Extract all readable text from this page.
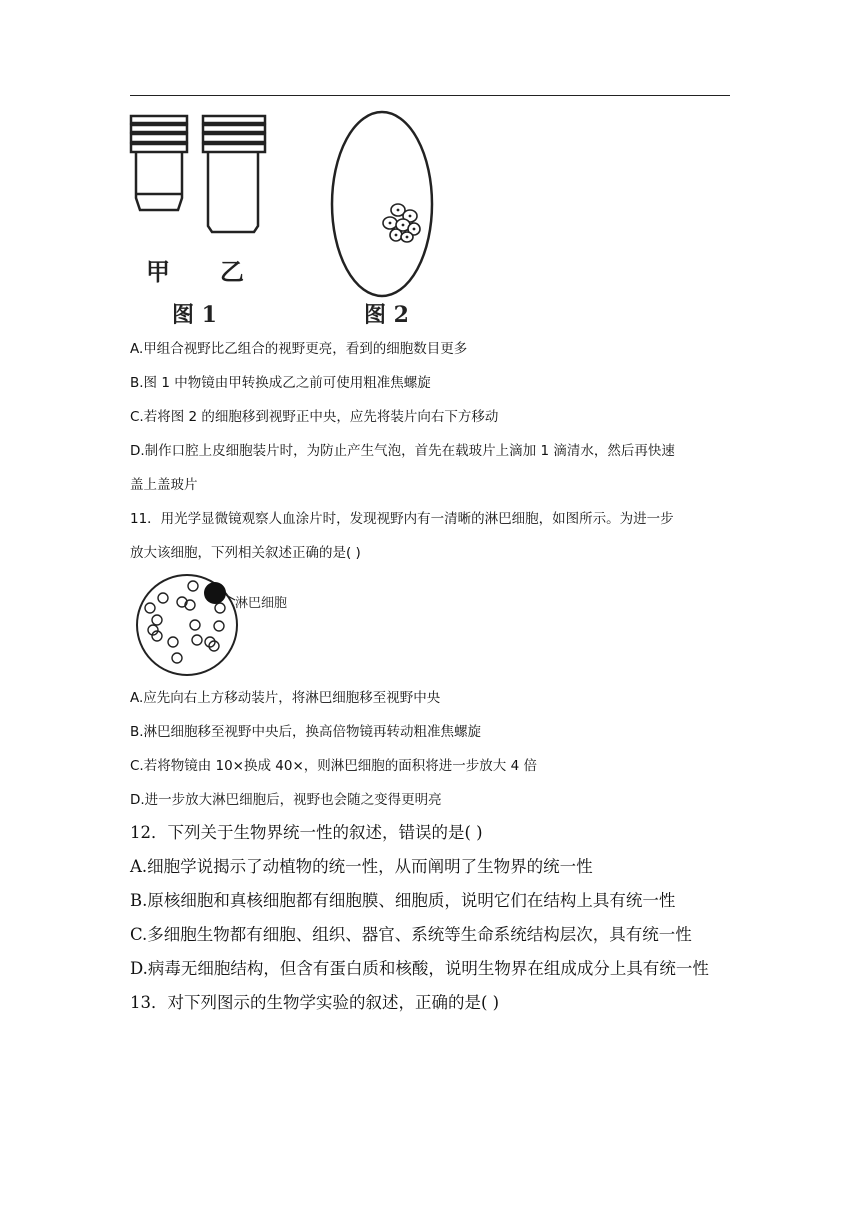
甲 乙
图 1	图 2
A.甲组合视野比乙组合的视野更亮，看到的细胞数目更多
B.图 1 中物镜由甲转换成乙之前可使用粗准焦螺旋
C.若将图 2 的细胞移到视野正中央，应先将装片向右下方移动
D.制作口腔上皮细胞装片时，为防止产生气泡，首先在载玻片上滴加 1 滴清水，然后再快速
盖上盖玻片
11．用光学显微镜观察人血涂片时，发现视野内有一清晰的淋巴细胞，如图所示。为进一步
放大该细胞，下列相关叙述正确的是( )
淋巴细胞
A.应先向右上方移动装片，将淋巴细胞移至视野中央
B.淋巴细胞移至视野中央后，换高倍物镜再转动粗准焦螺旋
C.若将物镜由 10×换成 40×，则淋巴细胞的面积将进一步放大 4 倍
D.进一步放大淋巴细胞后，视野也会随之变得更明亮
12．下列关于生物界统一性的叙述，错误的是( )
A.细胞学说揭示了动植物的统一性，从而阐明了生物界的统一性
B.原核细胞和真核细胞都有细胞膜、细胞质，说明它们在结构上具有统一性
C.多细胞生物都有细胞、组织、器官、系统等生命系统结构层次，具有统一性
D.病毒无细胞结构，但含有蛋白质和核酸，说明生物界在组成成分上具有统一性
13．对下列图示的生物学实验的叙述，正确的是( )
